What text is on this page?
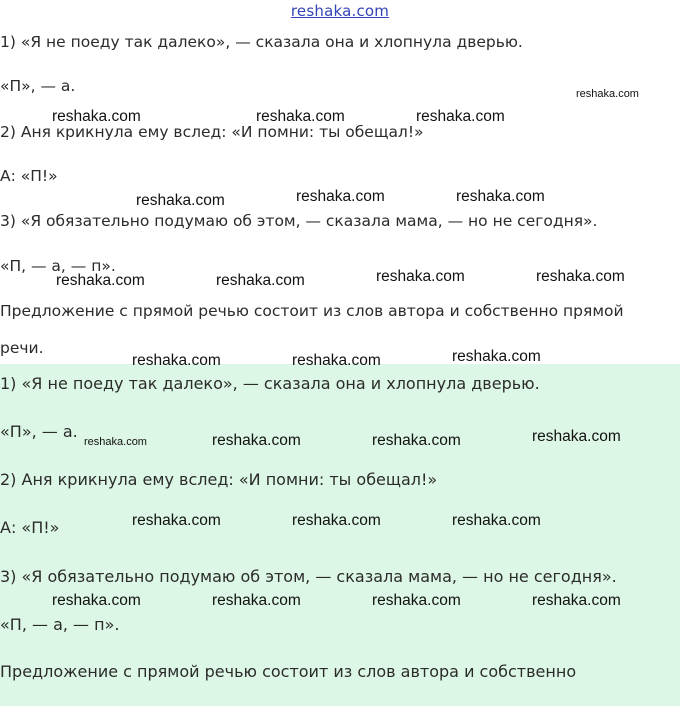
reshaka.com
1) «Я не поеду так далеко», — сказала она и хлопнула дверью.
«П», — а.
2) Аня крикнула ему вслед: «И помни: ты обещал!»
А: «П!»
3) «Я обязательно подумаю об этом, — сказала мама, — но не сегодня».
«П, — а, — п».
Предложение с прямой речью состоит из слов автора и собственно прямой
речи.
1) «Я не поеду так далеко», — сказала она и хлопнула дверью.
«П», — а.
2) Аня крикнула ему вслед: «И помни: ты обещал!»
А: «П!»
3) «Я обязательно подумаю об этом, — сказала мама, — но не сегодня».
«П, — а, — п».
Предложение с прямой речью состоит из слов автора и собственно
reshaka.com
reshaka.com	reshaka.com	reshaka.com
reshaka.com	reshaka.com	reshaka.com
reshaka.com	reshaka.com	reshaka.com	reshaka.com
reshaka.com	reshaka.com	reshaka.com
reshaka.com	reshaka.com	reshaka.com	reshaka.com
reshaka.com	reshaka.com	reshaka.com
reshaka.com	reshaka.com	reshaka.com	reshaka.com
